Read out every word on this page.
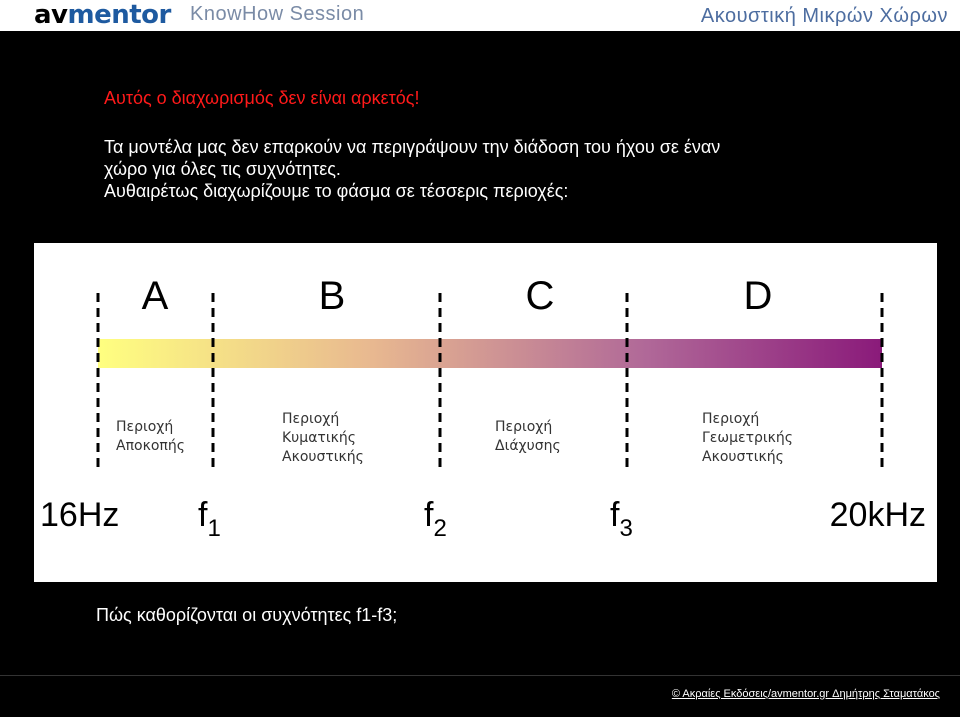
avmentor KnowHow Session	Ακουστική Μικρών Χώρων
Αυτός ο διαχωρισμός δεν είναι αρκετός!
Τα μοντέλα μας δεν επαρκούν να περιγράψουν την διάδοση του ήχου σε έναν
χώρο για όλες τις συχνότητες.
Αυθαιρέτως διαχωρίζουμε το φάσμα σε τέσσερις περιοχές:
A	B	C	D
Περιοχή
Αποκοπής
Περιοχή
Κυματικής
Ακουστικής
Περιοχή
Διάχυσης
Περιοχή
Γεωμετρικής
Ακουστικής
16Hz $f_1$	$f_2$	$f_3$	20kHz
Πώς καθορίζονται οι συχνότητες f1-f3;
© Ακραίες Εκδόσεις/avmentor.gr Δημήτρης Σταματάκος
